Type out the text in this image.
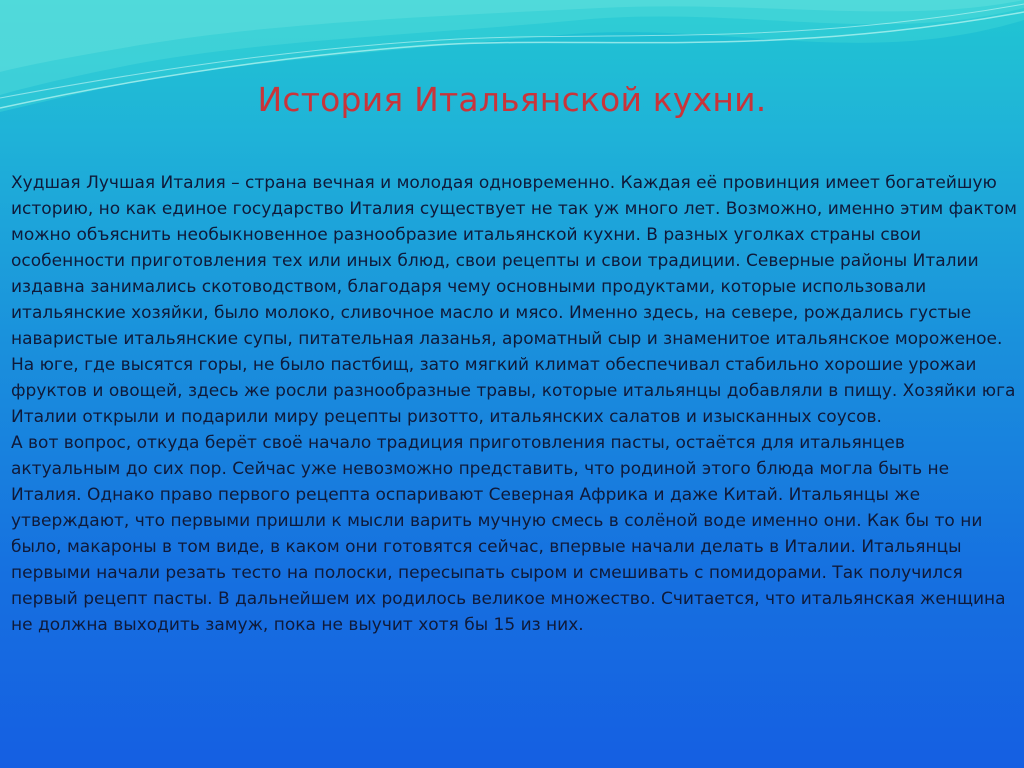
История Итальянской кухни.

Худшая Лучшая Италия – страна вечная и молодая одновременно. Каждая её провинция имеет богатейшую историю, но как единое государство Италия существует не так уж много лет. Возможно, именно этим фактом можно объяснить необыкновенное разнообразие итальянской кухни. В разных уголках страны свои особенности приготовления тех или иных блюд, свои рецепты и свои традиции. Северные районы Италии издавна занимались скотоводством, благодаря чему основными продуктами, которые использовали итальянские хозяйки, было молоко, сливочное масло и мясо. Именно здесь, на севере, рождались густые наваристые итальянские супы, питательная лазанья, ароматный сыр и знаменитое итальянское мороженое. На юге, где высятся горы, не было пастбищ, зато мягкий климат обеспечивал стабильно хорошие урожаи фруктов и овощей, здесь же росли разнообразные травы, которые итальянцы добавляли в пищу. Хозяйки юга Италии открыли и подарили миру рецепты ризотто, итальянских салатов и изысканных соусов.

А вот вопрос, откуда берёт своё начало традиция приготовления пасты, остаётся для итальянцев актуальным до сих пор. Сейчас уже невозможно представить, что родиной этого блюда могла быть не Италия. Однако право первого рецепта оспаривают Северная Африка и даже Китай. Итальянцы же утверждают, что первыми пришли к мысли варить мучную смесь в солёной воде именно они. Как бы то ни было, макароны в том виде, в каком они готовятся сейчас, впервые начали делать в Италии. Итальянцы первыми начали резать тесто на полоски, пересыпать сыром и смешивать с помидорами. Так получился первый рецепт пасты. В дальнейшем их родилось великое множество. Считается, что итальянская женщина не должна выходить замуж, пока не выучит хотя бы 15 из них.
